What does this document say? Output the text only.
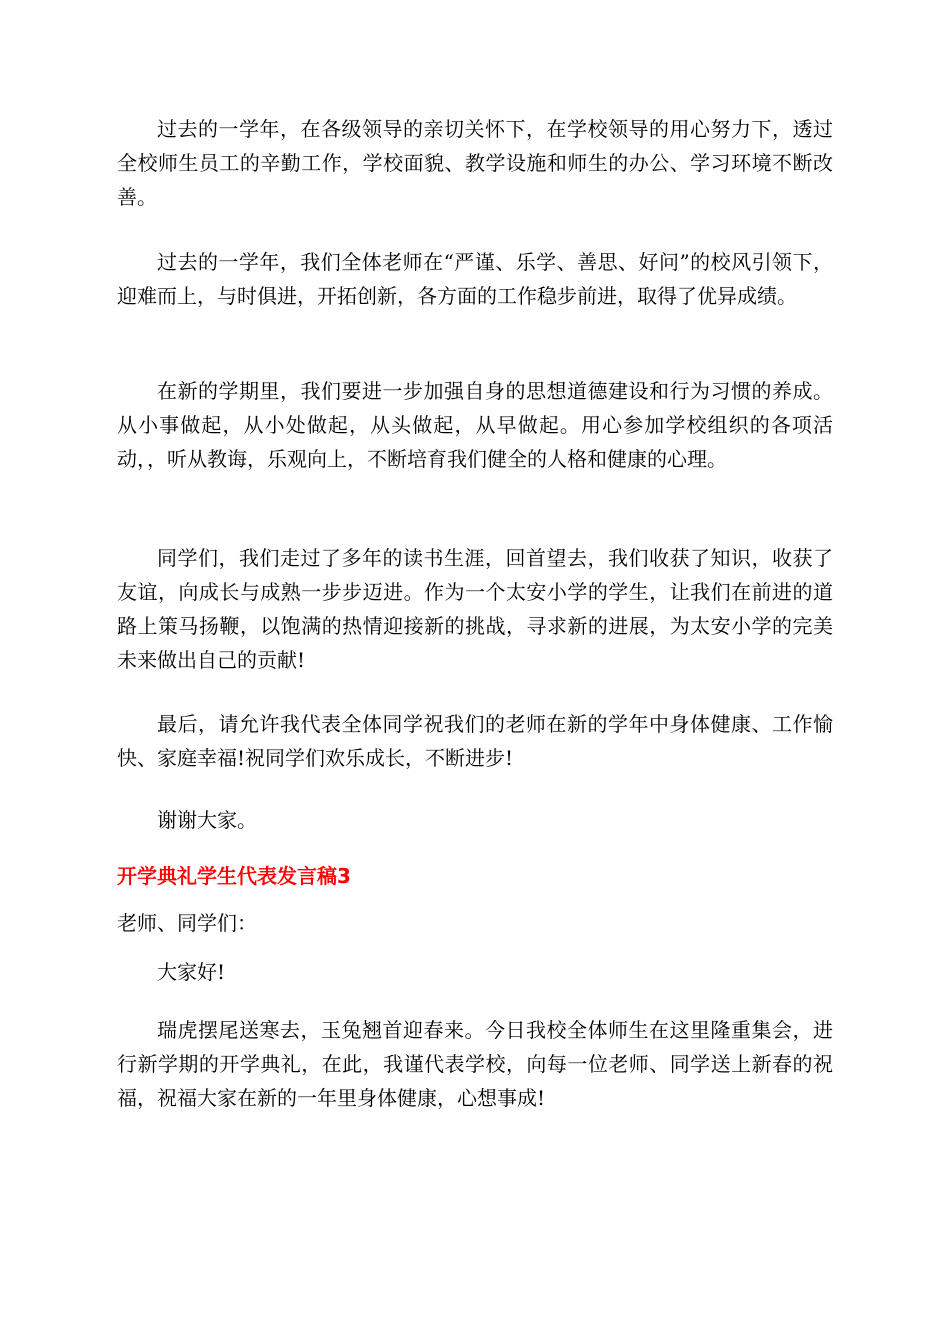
过去的一学年，在各级领导的亲切关怀下，在学校领导的用心努力下，透过全校师生员工的辛勤工作，学校面貌、教学设施和师生的办公、学习环境不断改善。

过去的一学年，我们全体老师在“严谨、乐学、善思、好问”的校风引领下，迎难而上，与时俱进，开拓创新，各方面的工作稳步前进，取得了优异成绩。

在新的学期里，我们要进一步加强自身的思想道德建设和行为习惯的养成。从小事做起，从小处做起，从头做起，从早做起。用心参加学校组织的各项活动，，听从教诲，乐观向上，不断培育我们健全的人格和健康的心理。

同学们，我们走过了多年的读书生涯，回首望去，我们收获了知识，收获了友谊，向成长与成熟一步步迈进。作为一个太安小学的学生，让我们在前进的道路上策马扬鞭，以饱满的热情迎接新的挑战，寻求新的进展，为太安小学的完美未来做出自己的贡献!

最后，请允许我代表全体同学祝我们的老师在新的学年中身体健康、工作愉快、家庭幸福!祝同学们欢乐成长，不断进步!

谢谢大家。

开学典礼学生代表发言稿3

老师、同学们：

大家好!

瑞虎摆尾送寒去，玉兔翘首迎春来。今日我校全体师生在这里隆重集会，进行新学期的开学典礼，在此，我谨代表学校，向每一位老师、同学送上新春的祝福，祝福大家在新的一年里身体健康，心想事成!
